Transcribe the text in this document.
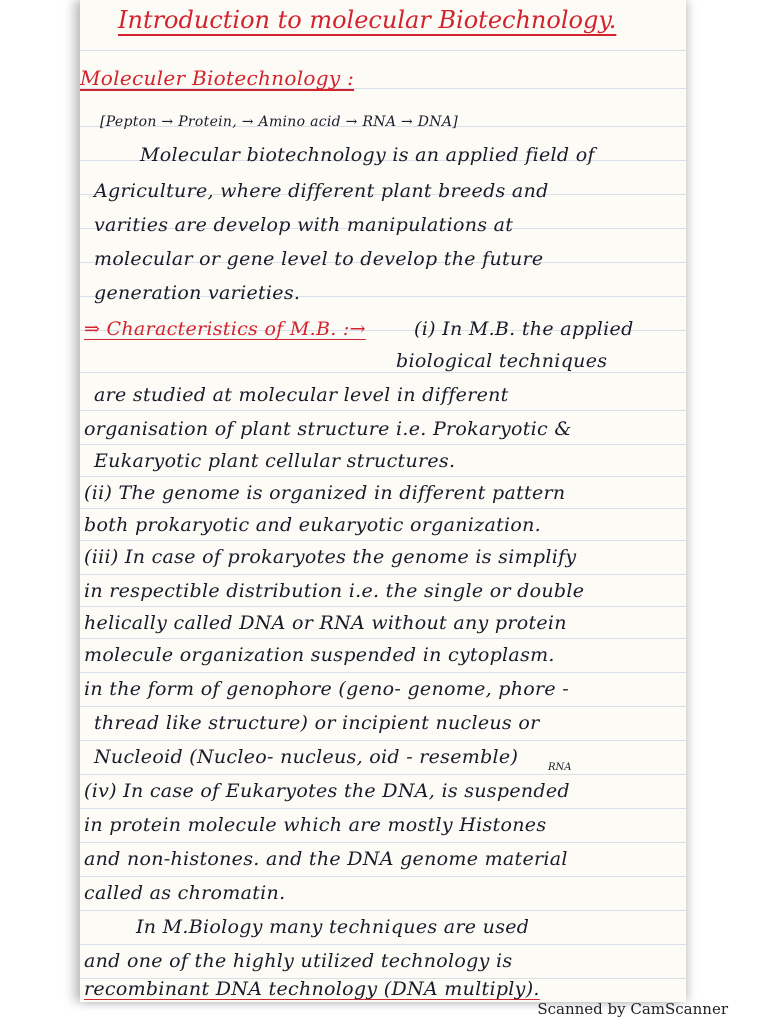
Introduction to molecular Biotechnology.
Moleculer Biotechnology :
[Pepton → Protein, → Amino acid → RNA → DNA]
Molecular biotechnology is an applied field of
Agriculture, where different plant breeds and
varities are develop with manipulations at
molecular or gene level to develop the future
generation varieties.
⇒ Characteristics of M.B. :→	(i) In M.B. the applied
biological techniques
are studied at molecular level in different
organisation of plant structure i.e. Prokaryotic &
Eukaryotic plant cellular structures.
(ii) The genome is organized in different pattern
both prokaryotic and eukaryotic organization.
(iii) In case of prokaryotes the genome is simplify
in respectible distribution i.e. the single or double
helically called DNA or RNA without any protein
molecule organization suspended in cytoplasm.
in the form of genophore (geno- genome, phore -
thread like structure) or incipient nucleus or
Nucleoid (Nucleo- nucleus, oid - resemble)	RNA
(iv) In case of Eukaryotes the DNA, is suspended
in protein molecule which are mostly Histones
and non-histones. and the DNA genome material
called as chromatin.
In M.Biology many techniques are used
and one of the highly utilized technology is
recombinant DNA technology (DNA multiply).
Scanned by CamScanner
